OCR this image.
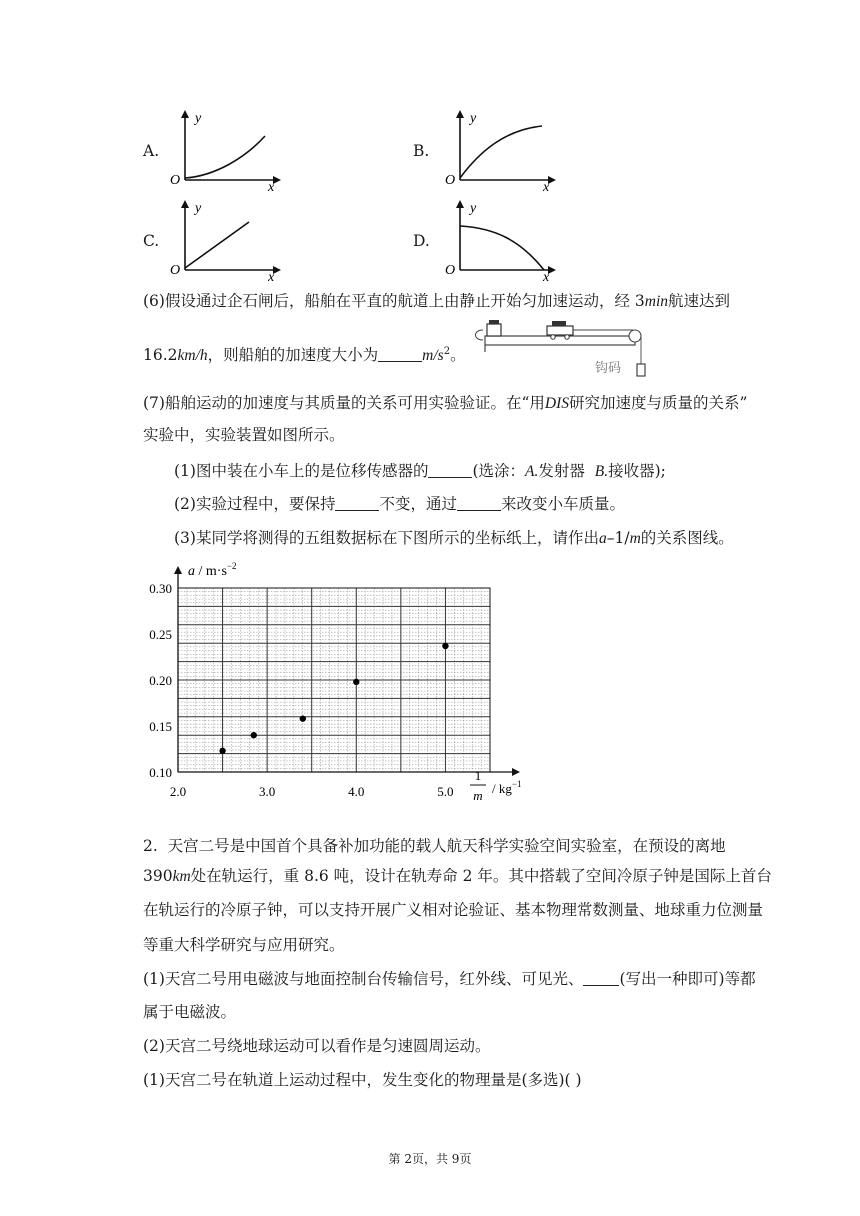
A.
y
x
O
B.
y
x
O
C.
y
x
O
D.
y
x
O
(6)假设通过企石闸后，船舶在平直的航道上由静止开始匀加速运动，经 3min航速达到
16.2km/h，则船舶的加速度大小为	$m/s^2$。
钩码
(7)船舶运动的加速度与其质量的关系可用实验验证。在“用DIS研究加速度与质量的关系”
实验中，实验装置如图所示。
(1)图中装在小车上的是位移传感器的	(选涂：A.发射器 B.接收器);
(2)实验过程中，要保持	不变，通过	来改变小车质量。
(3)某同学将测得的五组数据标在下图所示的坐标纸上，请作出a–1/m的关系图线。
2.0	3.0	4.0	5.0
0.30
0.25
0.20
0.15
0.10
$a / m\cdot s^{-2}$
1
m / $kg^{-1}$
2. 天宫二号是中国首个具备补加功能的载人航天科学实验空间实验室，在预设的离地
390km处在轨运行，重 8.6 吨，设计在轨寿命 2 年。其中搭载了空间冷原子钟是国际上首台
在轨运行的冷原子钟，可以支持开展广义相对论验证、基本物理常数测量、地球重力位测量
等重大科学研究与应用研究。
(1)天宫二号用电磁波与地面控制台传输信号，红外线、可见光、 (写出一种即可)等都
属于电磁波。
(2)天宫二号绕地球运动可以看作是匀速圆周运动。
(1)天宫二号在轨道上运动过程中，发生变化的物理量是(多选)( )
第 2页，共 9页
